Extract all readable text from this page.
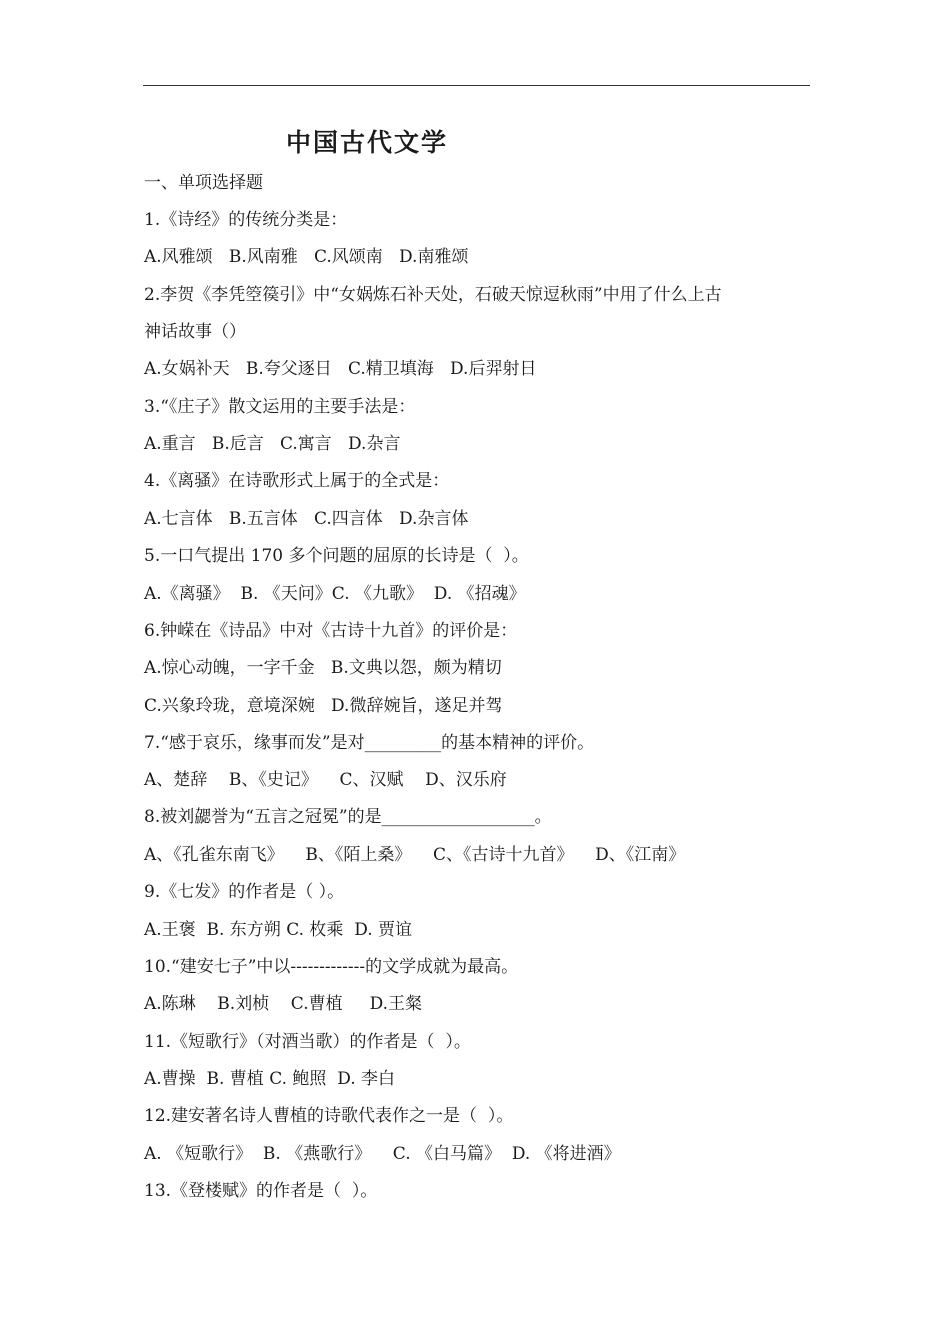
中国古代文学

一、单项选择题

1.《诗经》的传统分类是：

A.风雅颂   B.风南雅   C.风颂南   D.南雅颂

2.李贺《李凭箜篌引》中“女娲炼石补天处，石破天惊逗秋雨”中用了什么上古

神话故事（）

A.女娲补天   B.夸父逐日   C.精卫填海   D.后羿射日

3.“《庄子》散文运用的主要手法是：

A.重言   B.卮言   C.寓言   D.杂言

4.《离骚》在诗歌形式上属于的全式是：

A.七言体   B.五言体   C.四言体   D.杂言体

5.一口气提出 170 多个问题的屈原的长诗是（  ）。

A.《离骚》  B. 《天问》C. 《九歌》  D. 《招魂》

6.钟嵘在《诗品》中对《古诗十九首》的评价是：

A.惊心动魄，一字千金   B.文典以怨，颇为精切

C.兴象玲珑，意境深婉   D.微辞婉旨，遂足并驾

7.“感于哀乐，缘事而发”是对_________的基本精神的评价。

A、楚辞    B、《史记》    C、汉赋    D、汉乐府

8.被刘勰誉为“五言之冠冕”的是__________________。

A、《孔雀东南飞》    B、《陌上桑》    C、《古诗十九首》    D、《江南》

9.《七发》的作者是（ ）。

A.王褒  B. 东方朔 C. 枚乘  D. 贾谊

10.“建安七子”中以-------------的文学成就为最高。

A.陈琳    B.刘桢    C.曹植     D.王粲

11.《短歌行》（对酒当歌）的作者是（  ）。

A.曹操  B. 曹植 C. 鲍照  D. 李白

12.建安著名诗人曹植的诗歌代表作之一是（  ）。

A. 《短歌行》  B. 《燕歌行》    C. 《白马篇》  D. 《将进酒》

13.《登楼赋》的作者是（  ）。
